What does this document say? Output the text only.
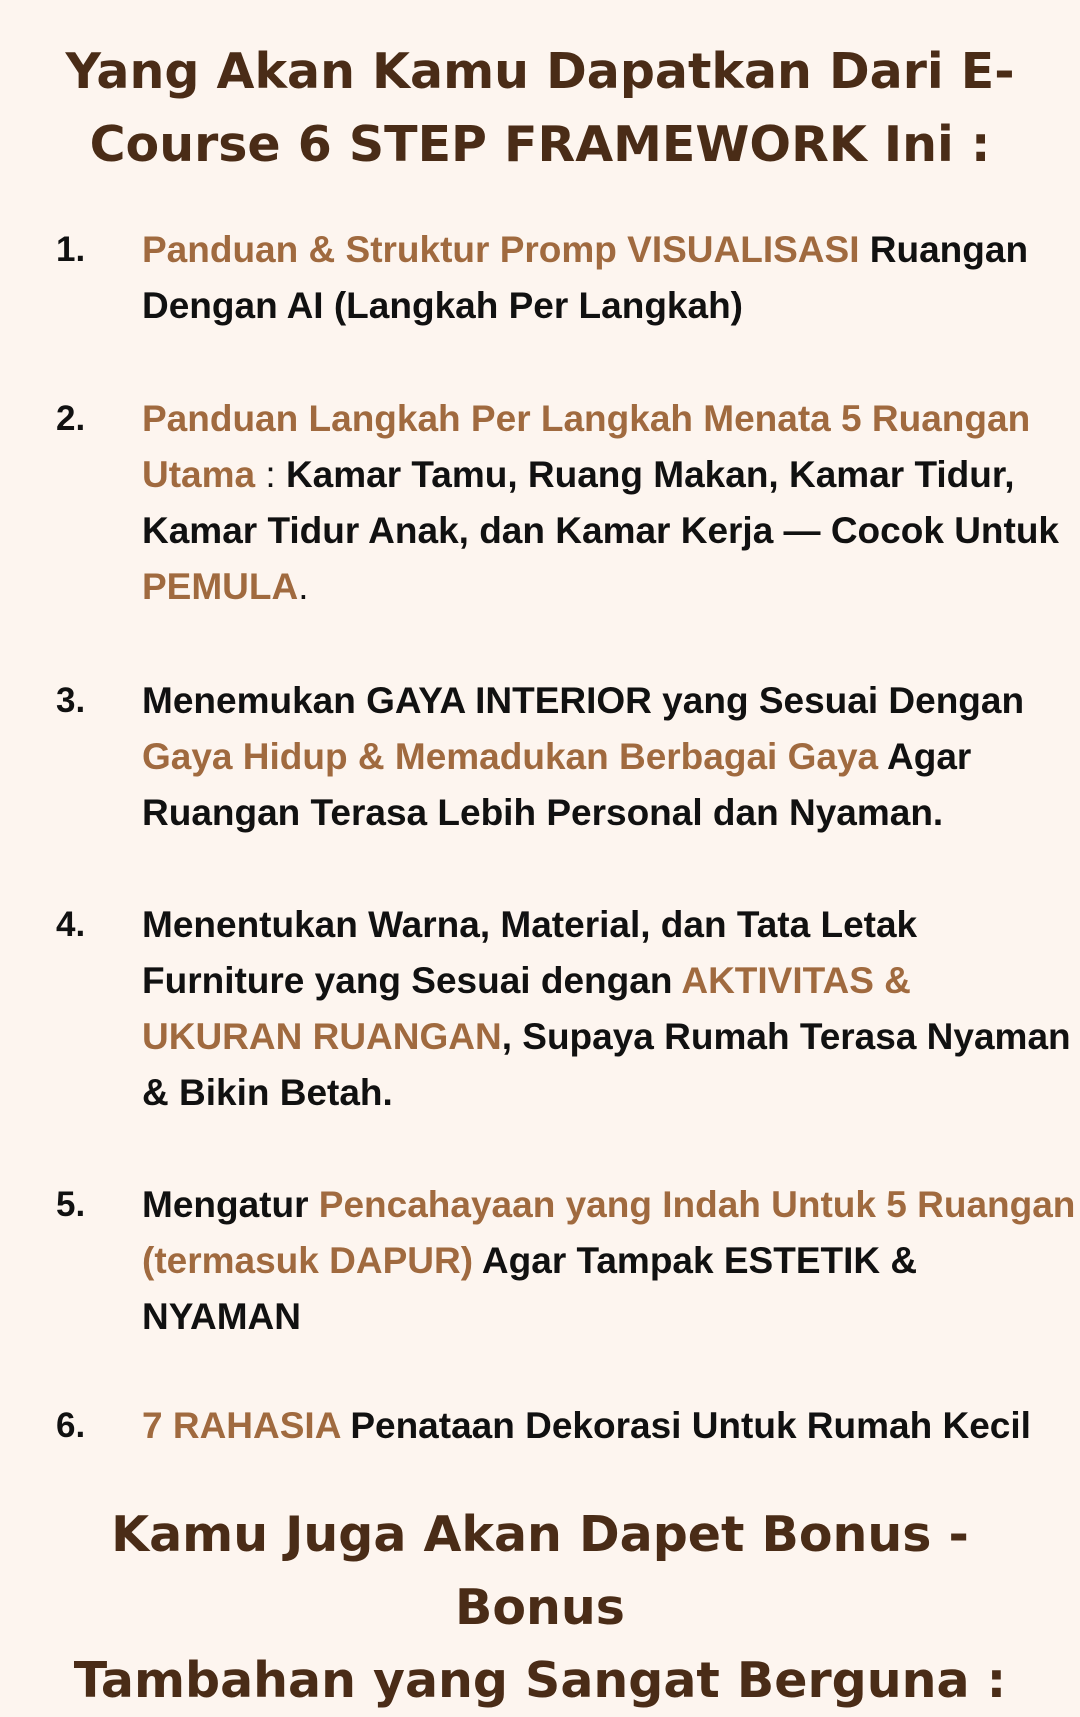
Yang Akan Kamu Dapatkan Dari E-
Course 6 STEP FRAMEWORK Ini :
1. Panduan & Struktur Promp VISUALISASI Ruangan Dengan AI (Langkah Per Langkah)

2. Panduan Langkah Per Langkah Menata 5 Ruangan Utama : Kamar Tamu, Ruang Makan, Kamar Tidur, Kamar Tidur Anak, dan Kamar Kerja — Cocok Untuk PEMULA.

3. Menemukan GAYA INTERIOR yang Sesuai Dengan Gaya Hidup & Memadukan Berbagai Gaya Agar Ruangan Terasa Lebih Personal dan Nyaman.

4. Menentukan Warna, Material, dan Tata Letak Furniture yang Sesuai dengan AKTIVITAS & UKURAN RUANGAN, Supaya Rumah Terasa Nyaman & Bikin Betah.

5. Mengatur Pencahayaan yang Indah Untuk 5 Ruangan (termasuk DAPUR) Agar Tampak ESTETIK & NYAMAN

6. 7 RAHASIA Penataan Dekorasi Untuk Rumah Kecil

Kamu Juga Akan Dapet Bonus - Bonus
Tambahan yang Sangat Berguna :
